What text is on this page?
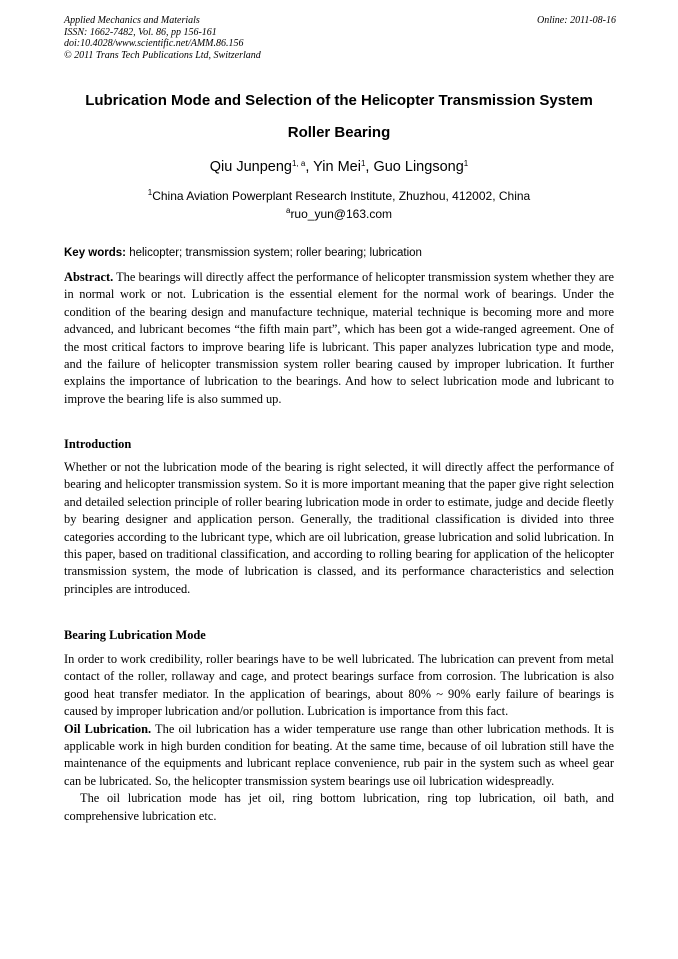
Applied Mechanics and Materials
ISSN: 1662-7482, Vol. 86, pp 156-161
doi:10.4028/www.scientific.net/AMM.86.156
© 2011 Trans Tech Publications Ltd, Switzerland
Online: 2011-08-16
Lubrication Mode and Selection of the Helicopter Transmission System
Roller Bearing
Qiu Junpeng$^{1, a}$, Yin Mei$^1$, Guo Lingsong$^1$
$^1$China Aviation Powerplant Research Institute, Zhuzhou, 412002, China
$^a$ruo_yun@163.com
Key words: helicopter; transmission system; roller bearing; lubrication

Abstract. The bearings will directly affect the performance of helicopter transmission system whether they are in normal work or not. Lubrication is the essential element for the normal work of bearings. Under the condition of the bearing design and manufacture technique, material technique is becoming more and more advanced, and lubricant becomes “the fifth main part”, which has been got a wide-ranged agreement. One of the most critical factors to improve bearing life is lubricant. This paper analyzes lubrication type and mode, and the failure of helicopter transmission system roller bearing caused by improper lubrication. It further explains the importance of lubrication to the bearings. And how to select lubrication mode and lubricant to improve the bearing life is also summed up.

Introduction

Whether or not the lubrication mode of the bearing is right selected, it will directly affect the performance of bearing and helicopter transmission system. So it is more important meaning that the paper give right selection and detailed selection principle of roller bearing lubrication mode in order to estimate, judge and decide fleetly by bearing designer and application person. Generally, the traditional classification is divided into three categories according to the lubricant type, which are oil lubrication, grease lubrication and solid lubrication. In this paper, based on traditional classification, and according to rolling bearing for application of the helicopter transmission system, the mode of lubrication is classed, and its performance characteristics and selection principles are introduced.

Bearing Lubrication Mode

In order to work credibility, roller bearings have to be well lubricated. The lubrication can prevent from metal contact of the roller, rollaway and cage, and protect bearings surface from corrosion. The lubrication is also good heat transfer mediator. In the application of bearings, about 80% ~ 90% early failure of bearings is caused by improper lubrication and/or pollution. Lubrication is importance from this fact.

Oil Lubrication. The oil lubrication has a wider temperature use range than other lubrication methods. It is applicable work in high burden condition for beating. At the same time, because of oil lubration still have the maintenance of the equipments and lubricant replace convenience, rub pair in the system such as wheel gear can be lubricated. So, the helicopter transmission system bearings use oil lubrication widespreadly.

The oil lubrication mode has jet oil, ring bottom lubrication, ring top lubrication, oil bath, and comprehensive lubrication etc.
